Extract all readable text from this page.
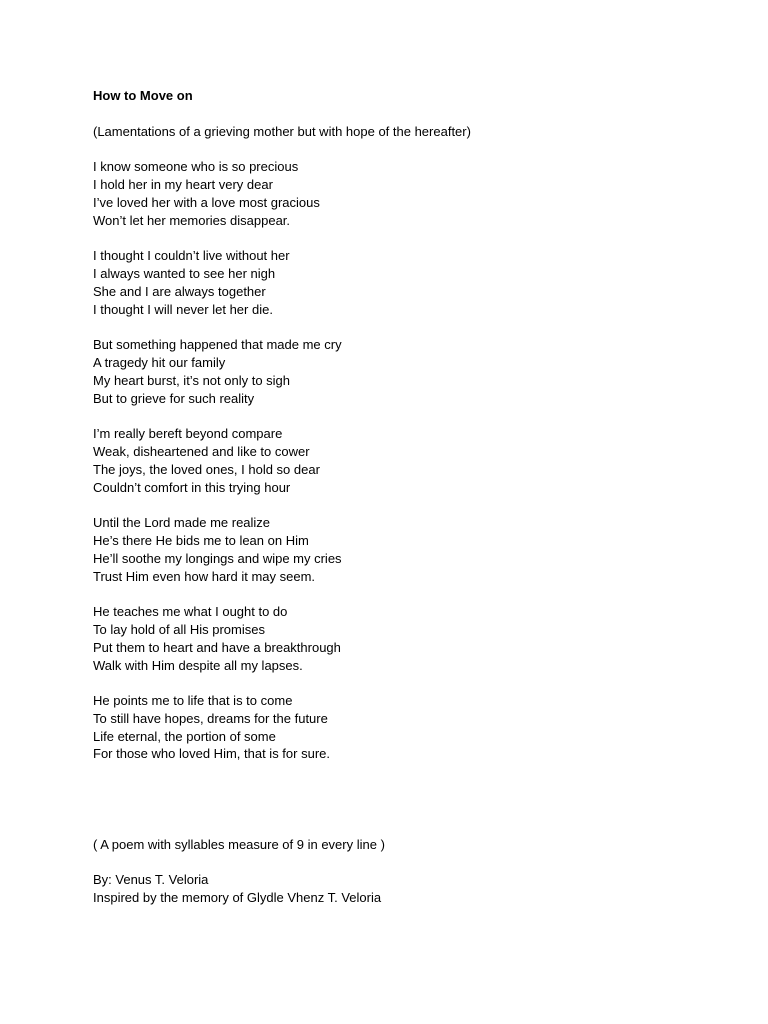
How to Move on

(Lamentations of a grieving mother but with hope of the hereafter)

I know someone who is so precious
I hold her in my heart very dear
I’ve loved her with a love most gracious
Won’t let her memories disappear.
I thought I couldn’t live without her
I always wanted to see her nigh
She and I are always together
I thought I will never let her die.
But something happened that made me cry
A tragedy hit our family
My heart burst, it’s not only to sigh
But to grieve for such reality
I’m really bereft beyond compare
Weak, disheartened and like to cower
The joys, the loved ones, I hold so dear
Couldn’t comfort in this trying hour
Until the Lord made me realize
He’s there He bids me to lean on Him
He’ll soothe my longings and wipe my cries
Trust Him even how hard it may seem.
He teaches me what I ought to do
To lay hold of all His promises
Put them to heart and have a breakthrough
Walk with Him despite all my lapses.
He points me to life that is to come
To still have hopes, dreams for the future
Life eternal, the portion of some
For those who loved Him, that is for sure.
( A poem with syllables measure of 9 in every line )
By: Venus T. Veloria
Inspired by the memory of Glydle Vhenz T. Veloria
